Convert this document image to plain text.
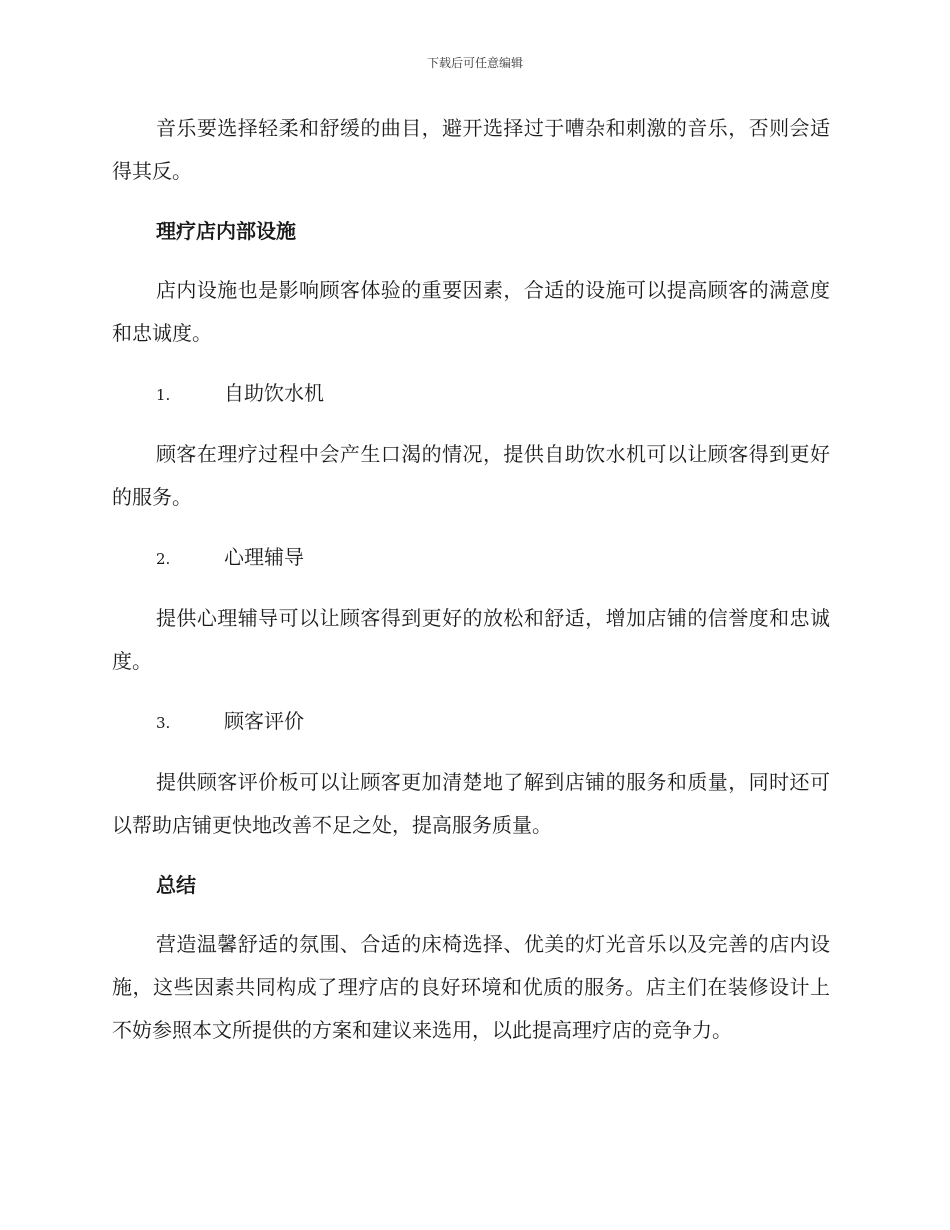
下载后可任意编辑

音乐要选择轻柔和舒缓的曲目，避开选择过于嘈杂和刺激的音乐，否则会适得其反。

理疗店内部设施

店内设施也是影响顾客体验的重要因素，合适的设施可以提高顾客的满意度和忠诚度。

1.	自助饮水机

顾客在理疗过程中会产生口渴的情况，提供自助饮水机可以让顾客得到更好的服务。

2.	心理辅导

提供心理辅导可以让顾客得到更好的放松和舒适，增加店铺的信誉度和忠诚度。

3.	顾客评价

提供顾客评价板可以让顾客更加清楚地了解到店铺的服务和质量，同时还可以帮助店铺更快地改善不足之处，提高服务质量。

总结

营造温馨舒适的氛围、合适的床椅选择、优美的灯光音乐以及完善的店内设施，这些因素共同构成了理疗店的良好环境和优质的服务。店主们在装修设计上不妨参照本文所提供的方案和建议来选用，以此提高理疗店的竞争力。
